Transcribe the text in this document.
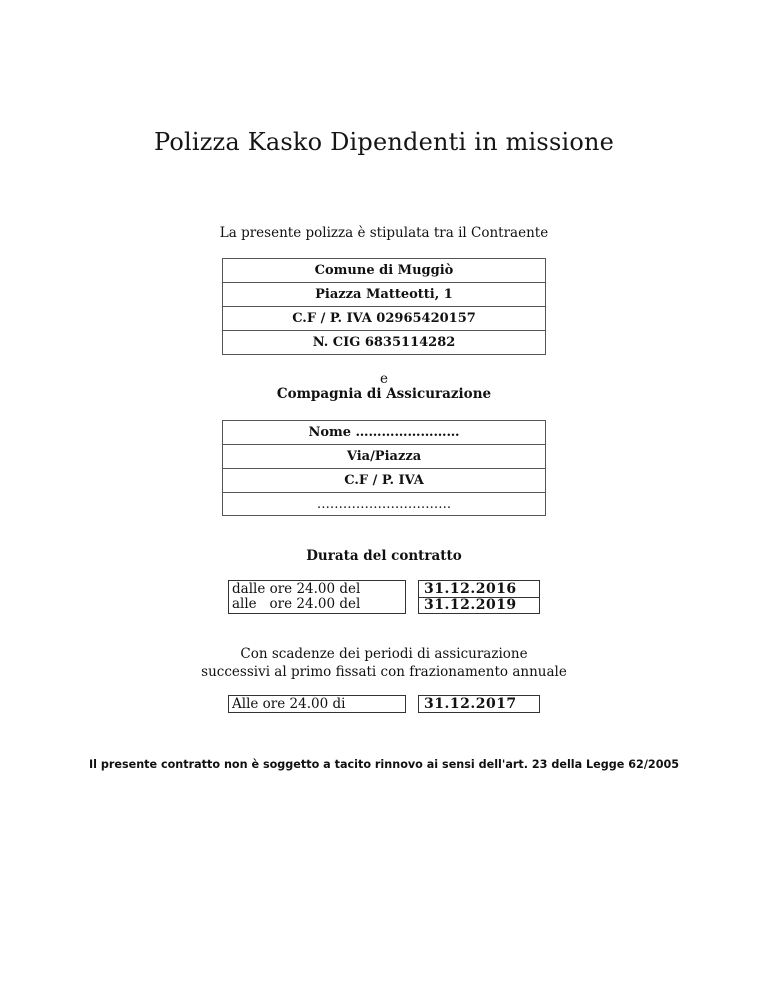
Polizza Kasko Dipendenti in missione
La presente polizza è stipulata tra il Contraente
Comune di Muggiò
Piazza Matteotti, 1
C.F / P. IVA 02965420157
N. CIG 6835114282
e
Compagnia di Assicurazione
Nome ……………………
Via/Piazza
C.F / P. IVA
………………………….
Durata del contratto
dalle ore 24.00 del
alle   ore 24.00 del
31.12.2016
31.12.2019
Con scadenze dei periodi di assicurazione
successivi al primo fissati con frazionamento annuale
Alle ore 24.00 di	31.12.2017
Il presente contratto non è soggetto a tacito rinnovo ai sensi dell'art. 23 della Legge 62/2005
